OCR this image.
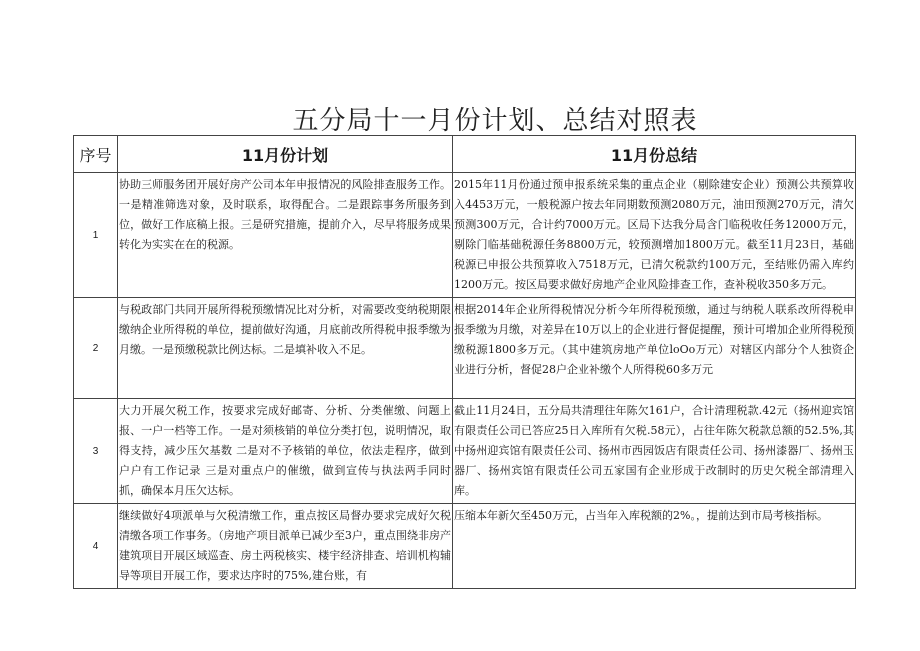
五分局十一月份计划、总结对照表
序号	11月份计划	11月份总结
1	协助三师服务团开展好房产公司本年申报情况的风险排查服务工作。一是精准筛选对象，及时联系，取得配合。二是跟踪事务所服务到位，做好工作底稿上报。三是研究措施，提前介入，尽早将服务成果转化为实实在在的税源。	2015年11月份通过预申报系统采集的重点企业（剔除建安企业）预测公共预算收入4453万元，一般税源户按去年同期数预测2080万元，油田预测270万元，清欠预测300万元，合计约7000万元。区局下达我分局含门临税收任务12000万元，剔除门临基础税源任务8800万元，较预测增加1800万元。截至11月23日，基础税源已申报公共预算收入7518万元，已清欠税款约100万元，至结账仍需入库约1200万元。按区局要求做好房地产企业风险排查工作，查补税收350多万元。
2	与税政部门共同开展所得税预缴情况比对分析，对需要改变纳税期限缴纳企业所得税的单位，提前做好沟通，月底前改所得税申报季缴为月缴。一是预缴税款比例达标。二是填补收入不足。	根据2014年企业所得税情况分析今年所得税预缴，通过与纳税人联系改所得税申报季缴为月缴，对差异在10万以上的企业进行督促提醒，预计可增加企业所得税预缴税源1800多万元。（其中建筑房地产单位loOo万元）对辖区内部分个人独资企业进行分析，督促28户企业补缴个人所得税60多万元
3	大力开展欠税工作，按要求完成好邮寄、分析、分类催缴、问题上报、一户一档等工作。一是对须核销的单位分类打包，说明情况，取得支持，减少压欠基数 二是对不予核销的单位，依法走程序，做到户户有工作记录 三是对重点户的催缴，做到宣传与执法两手同时抓，确保本月压欠达标。	截止11月24日，五分局共清理往年陈欠161户，合计清理税款.42元（扬州迎宾馆有限责任公司已答应25日入库所有欠税.58元），占往年陈欠税款总额的52.5%,其中扬州迎宾馆有限责任公司、扬州市西园饭店有限责任公司、扬州漆器厂、扬州玉器厂、扬州宾馆有限责任公司五家国有企业形成于改制时的历史欠税全部清理入库。
4	继续做好4项派单与欠税清缴工作，重点按区局督办要求完成好欠税清缴各项工作事务。（房地产项目派单已减少至3户，重点围绕非房产建筑项目开展区域巡查、房土两税核实、楼宇经济排查、培训机构辅导等项目开展工作，要求达序时的75%,建台账，有	压缩本年新欠至450万元，占当年入库税额的2%。，提前达到市局考核指标。
